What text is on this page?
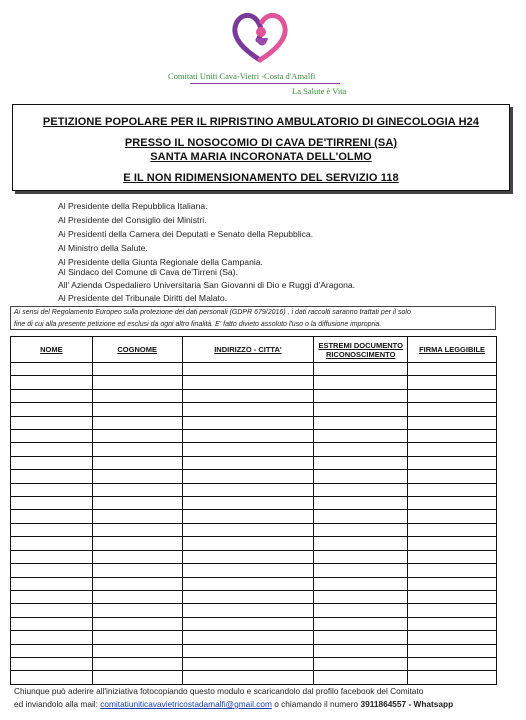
Comitati Uniti Cava-Vietri -Costa d'Amalfi
La Salute è Vita
PETIZIONE POPOLARE PER IL RIPRISTINO AMBULATORIO DI GINECOLOGIA H24
PRESSO IL NOSOCOMIO DI CAVA DE'TIRRENI (SA)
SANTA MARIA INCORONATA DELL'OLMO
E IL NON RIDIMENSIONAMENTO DEL SERVIZIO 118
Al Presidente della Repubblica Italiana.
Al Presidente del Consiglio dei Ministri.
Ai Presidenti della Camera dei Deputati e Senato della Repubblica.
Al Ministro della Salute.
Al Presidente della Giunta Regionale della Campania.
Al Sindaco del Comune di Cava de'Tirreni (Sa).
All' Azienda Ospedaliero Universitaria San Giovanni di Dio e Ruggi d'Aragona.
Al Presidente del Tribunale Diritti del Malato.
Ai sensi del Regolamento Europeo sulla protezione dei dati personali (GDPR 679/2016) , i dati raccolti saranno trattati per il solo
fine di cui alla presente petizione ed esclusi da ogni altro finalità. E' fatto divieto assoluto l'uso o la diffusione impropria.
NOME	COGNOME	INDIRIZZO - CITTA'	ESTREMI DOCUMENTO RICONOSCIMENTO	FIRMA LEGGIBILE

Chiunque può aderire all'iniziativa fotocopiando questo modulo e scaricandolo dal profilo facebook del Comitato
ed inviandolo alla mail: comitatiuniticavavietricostadamalfi@gmail.com o chiamando il numero 3911864557 - Whatsapp
